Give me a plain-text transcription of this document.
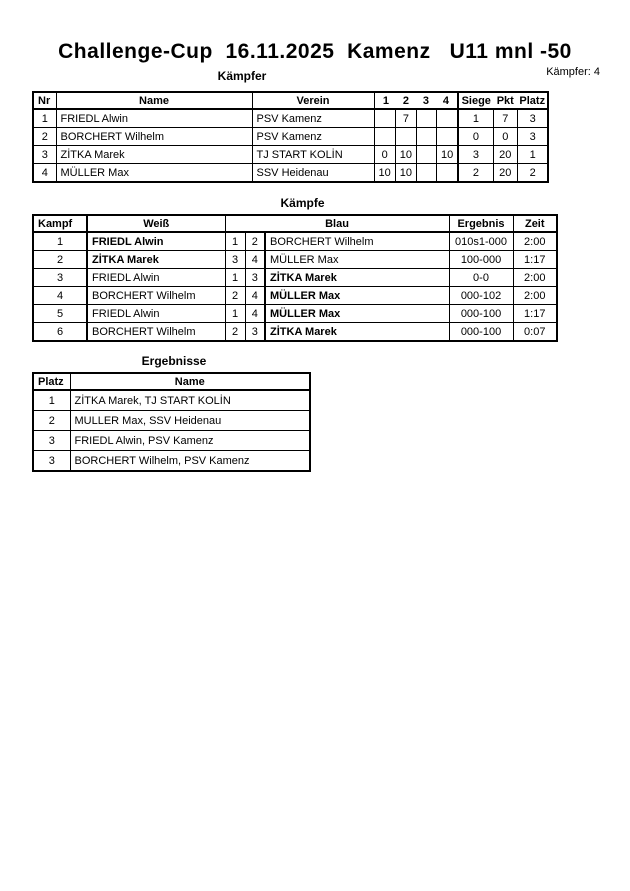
Challenge-Cup  16.11.2025  Kamenz   U11 mnl -50
Kämpfer: 4
Kämpfer
Nr	Name	Verein	1 2 3 4				Siege Pkt Platz		
1	FRIEDL Alwin	PSV Kamenz		7			1	7	3
2	BORCHERT Wilhelm	PSV Kamenz					0	0	3
3	ZİTKA Marek	TJ START KOLİN	0	10		10	3	20	1
4	MÜLLER Max	SSV Heidenau	10	10			2	20	2
Kämpfe
Kampf	Weiß	Blau			Ergebnis	Zeit
1	FRIEDL Alwin	1	2	BORCHERT Wilhelm	010s1-000	2:00
2	ZİTKA Marek	3	4	MÜLLER Max	100-000	1:17
3	FRIEDL Alwin	1	3	ZİTKA Marek	0-0	2:00
4	BORCHERT Wilhelm	2	4	MÜLLER Max	000-102	2:00
5	FRIEDL Alwin	1	4	MÜLLER Max	000-100	1:17
6	BORCHERT Wilhelm	2	3	ZİTKA Marek	000-100	0:07
Ergebnisse
Platz	Name
1	ZİTKA Marek, TJ START KOLİN
2	MULLER Max, SSV Heidenau
3	FRIEDL Alwin, PSV Kamenz
3	BORCHERT Wilhelm, PSV Kamenz
